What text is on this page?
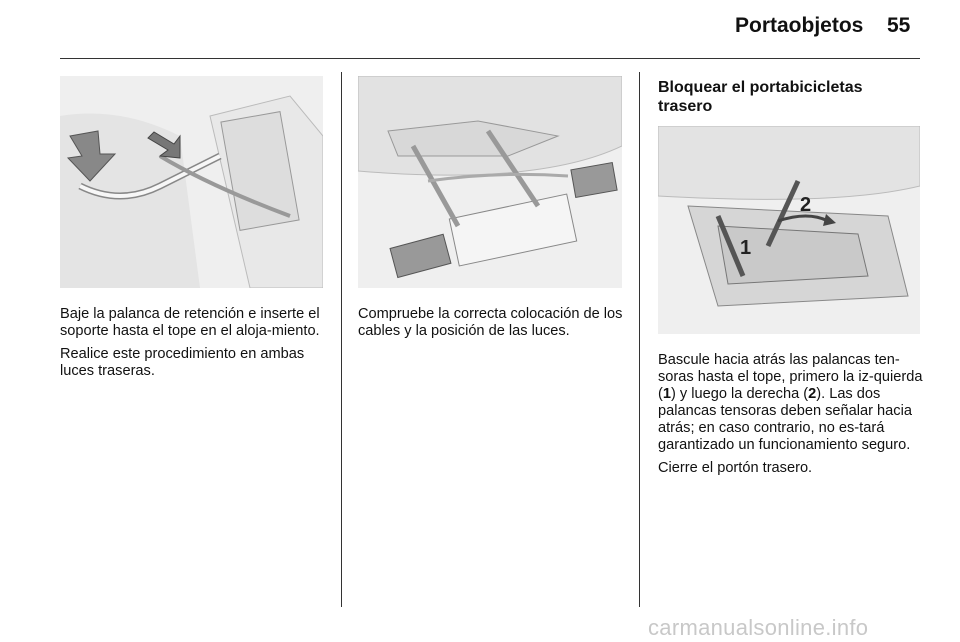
Portaobjetos 55

Baje la palanca de retención e inserte el soporte hasta el tope en el aloja-miento.

Realice este procedimiento en ambas luces traseras.

Compruebe la correcta colocación de los cables y la posición de las luces.

Bloquear el portabicicletas trasero
1
2

Bascule hacia atrás las palancas ten-soras hasta el tope, primero la iz-quierda (1) y luego la derecha (2). Las dos palancas tensoras deben señalar hacia atrás; en caso contrario, no es-tará garantizado un funcionamiento seguro.

Cierre el portón trasero.

carmanualsonline.info
